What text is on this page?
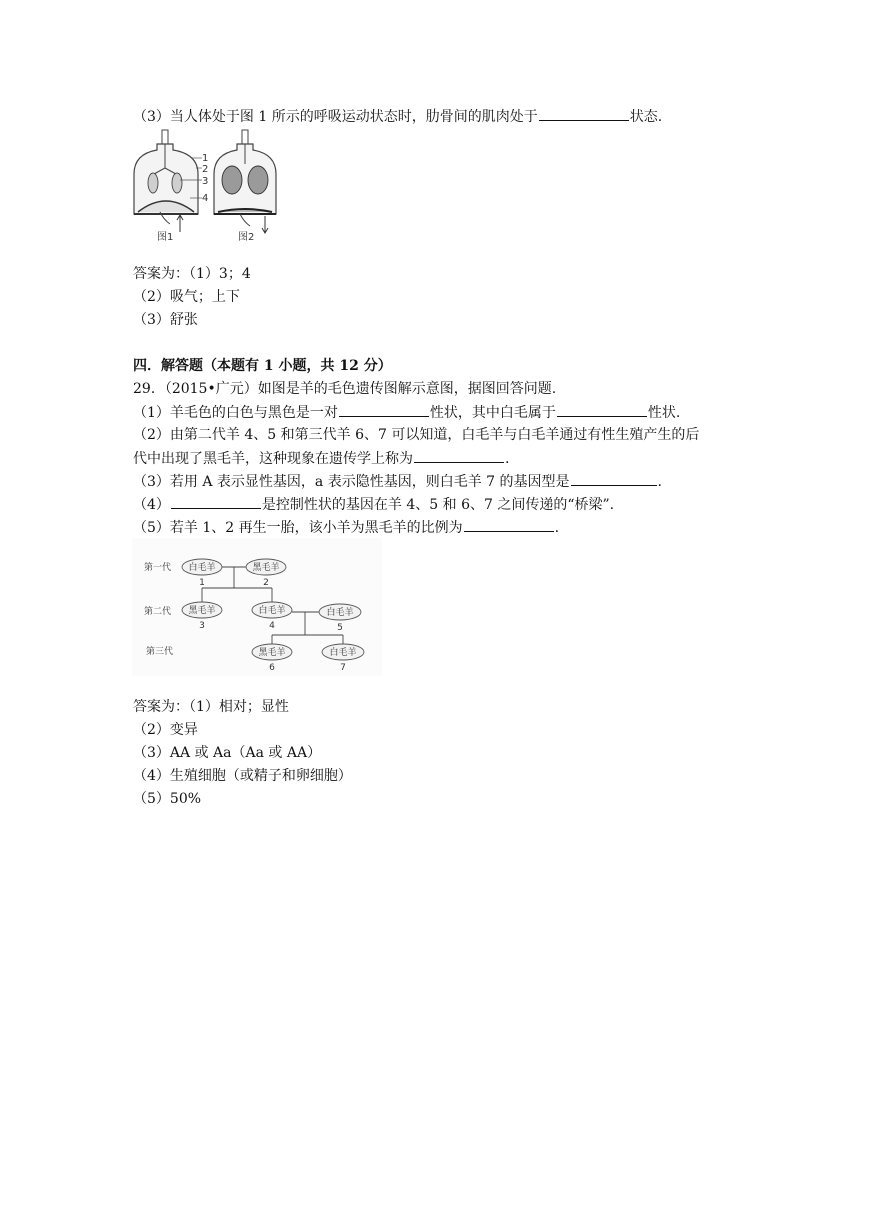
（3）当人体处于图 1 所示的呼吸运动状态时，肋骨间的肌肉处于	状态.
1
2
3
4
图1	图2
答案为：（1）3；4
（2）吸气；上下
（3）舒张
四．解答题（本题有 1 小题，共 12 分）
29．（2015•广元）如图是羊的毛色遗传图解示意图，据图回答问题.
（1）羊毛色的白色与黑色是一对	性状，其中白毛属于	性状.
（2）由第二代羊 4、5 和第三代羊 6、7 可以知道，白毛羊与白毛羊通过有性生殖产生的后
代中出现了黑毛羊，这种现象在遗传学上称为	.
（3）若用 A 表示显性基因，a 表示隐性基因，则白毛羊 7 的基因型是	.
（4）	是控制性状的基因在羊 4、5 和 6、7 之间传递的“桥梁”.
（5）若羊 1、2 再生一胎，该小羊为黑毛羊的比例为	.
第一代
第二代
第三代
白毛羊
1
黑毛羊
2
黑毛羊
3
白毛羊
4
白毛羊
5
黑毛羊
6
白毛羊
7
答案为：（1）相对；显性
（2）变异
（3）AA 或 Aa（Aa 或 AA）
（4）生殖细胞（或精子和卵细胞）
（5）50%
